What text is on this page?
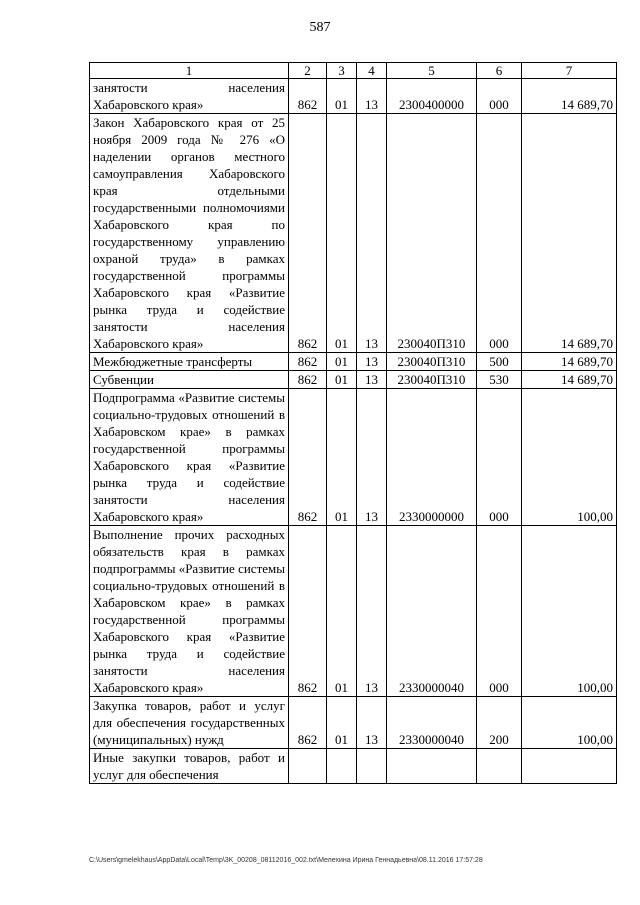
587
1	2	3	4	5	6	7

занятости населения Хабаровского края»	862	01	13	2300400000	000	14 689,70

Закон Хабаровского края от 25 ноября 2009 года № 276 «О наделении органов местного самоуправления Хабаровского края отдельными государственными полномочиями Хабаровского края по государственному управлению охраной труда» в рамках государственной программы Хабаровского края «Развитие рынка труда и содействие занятости населения Хабаровского края»	862	01	13	230040П310	000	14 689,70

Межбюджетные трансферты	862	01	13	230040П310	500	14 689,70

Субвенции	862	01	13	230040П310	530	14 689,70

Подпрограмма «Развитие системы социально-трудовых отношений в Хабаровском крае» в рамках государственной программы Хабаровского края «Развитие рынка труда и содействие занятости населения Хабаровского края»	862	01	13	2330000000	000	100,00

Выполнение прочих расходных обязательств края в рамках подпрограммы «Развитие системы социально-трудовых отношений в Хабаровском крае» в рамках государственной программы Хабаровского края «Развитие рынка труда и содействие занятости населения Хабаровского края»	862	01	13	2330000040	000	100,00

Закупка товаров, работ и услуг для обеспечения государственных (муниципальных) нужд	862	01	13	2330000040	200	100,00

Иные закупки товаров, работ и услуг для обеспечения						

C:\Users\gmelekhaus\AppData\Local\Temp\3K_00208_08112016_002.txt\Мелехина Ирина Геннадьевна\08.11.2016 17:57:28
